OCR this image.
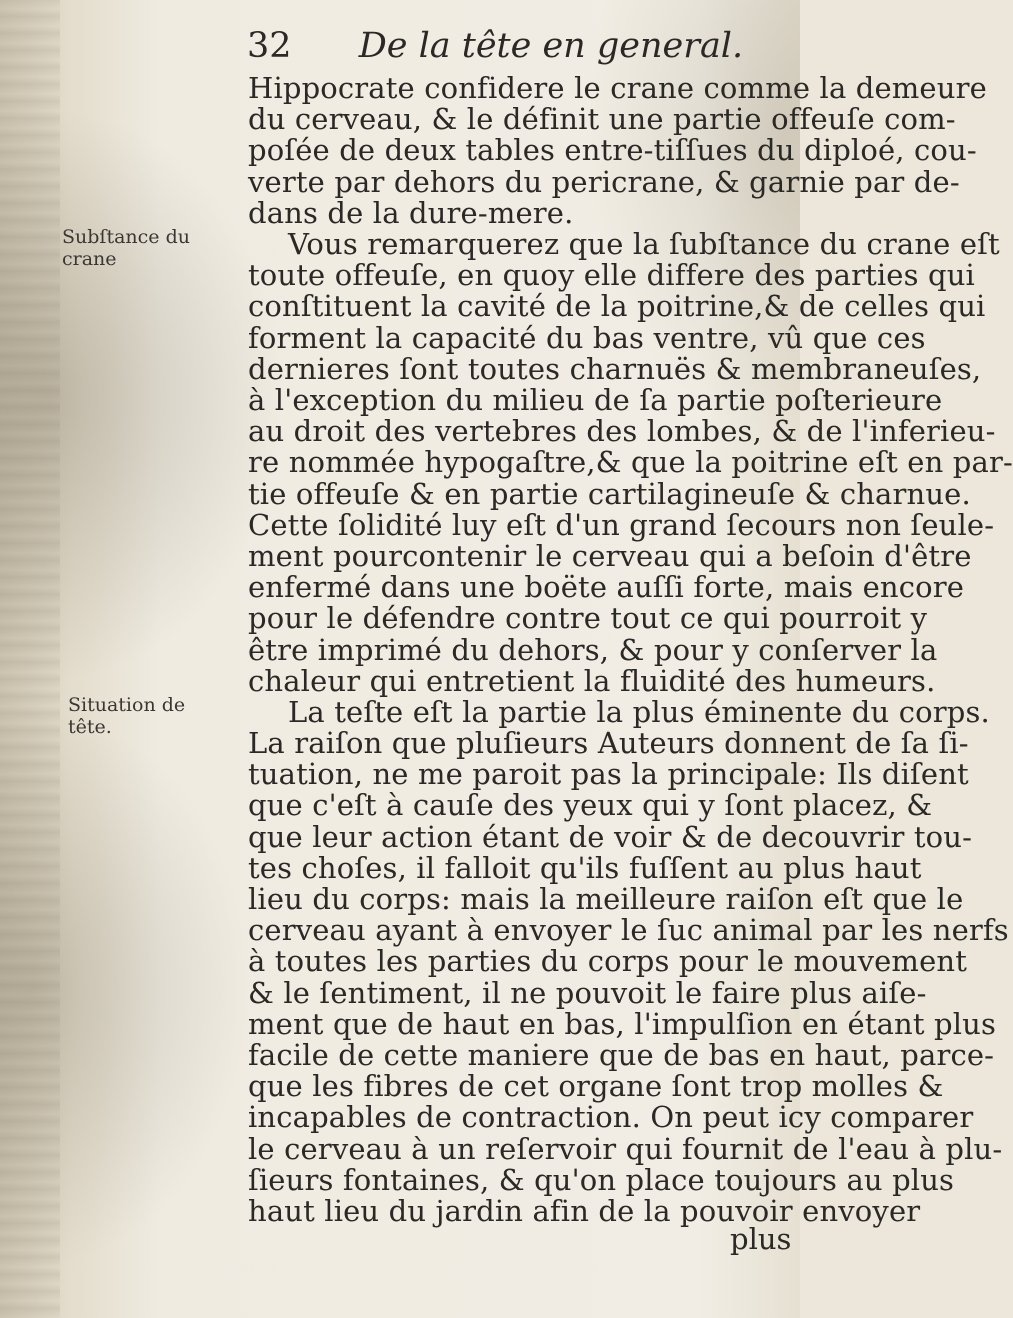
32 De la tête en general.
Subſtance du
crane
Situation de
tête.
Hippocrate confidere le crane comme la demeure
du cerveau, & le définit une partie offeuſe com-
poſée de deux tables entre-tiſſues du diploé, cou-
verte par dehors du pericrane, & garnie par de-
dans de la dure-mere.
Vous remarquerez que la ſubſtance du crane eſt
toute offeuſe, en quoy elle differe des parties qui
conſtituent la cavité de la poitrine,& de celles qui
forment la capacité du bas ventre, vû que ces
dernieres ſont toutes charnuës & membraneuſes,
à l'exception du milieu de ſa partie poſterieure
au droit des vertebres des lombes, & de l'inferieu-
re nommée hypogaſtre,& que la poitrine eſt en par-
tie offeuſe & en partie cartilagineuſe & charnue.
Cette ſolidité luy eſt d'un grand ſecours non ſeule-
ment pourcontenir le cerveau qui a beſoin d'être
enfermé dans une boëte auſſi forte, mais encore
pour le défendre contre tout ce qui pourroit y
être imprimé du dehors, & pour y conſerver la
chaleur qui entretient la fluidité des humeurs.
La teſte eſt la partie la plus éminente du corps.
La raiſon que pluſieurs Auteurs donnent de ſa ſi-
tuation, ne me paroit pas la principale: Ils diſent
que c'eſt à cauſe des yeux qui y ſont placez, &
que leur action étant de voir & de decouvrir tou-
tes choſes, il falloit qu'ils fuſſent au plus haut
lieu du corps: mais la meilleure raiſon eſt que le
cerveau ayant à envoyer le ſuc animal par les nerfs
à toutes les parties du corps pour le mouvement
& le ſentiment, il ne pouvoit le faire plus aiſe-
ment que de haut en bas, l'impulſion en étant plus
facile de cette maniere que de bas en haut, parce-
que les fibres de cet organe ſont trop molles &
incapables de contraction. On peut icy comparer
le cerveau à un reſervoir qui fournit de l'eau à plu-
ſieurs fontaines, & qu'on place toujours au plus
haut lieu du jardin afin de la pouvoir envoyer
plus
